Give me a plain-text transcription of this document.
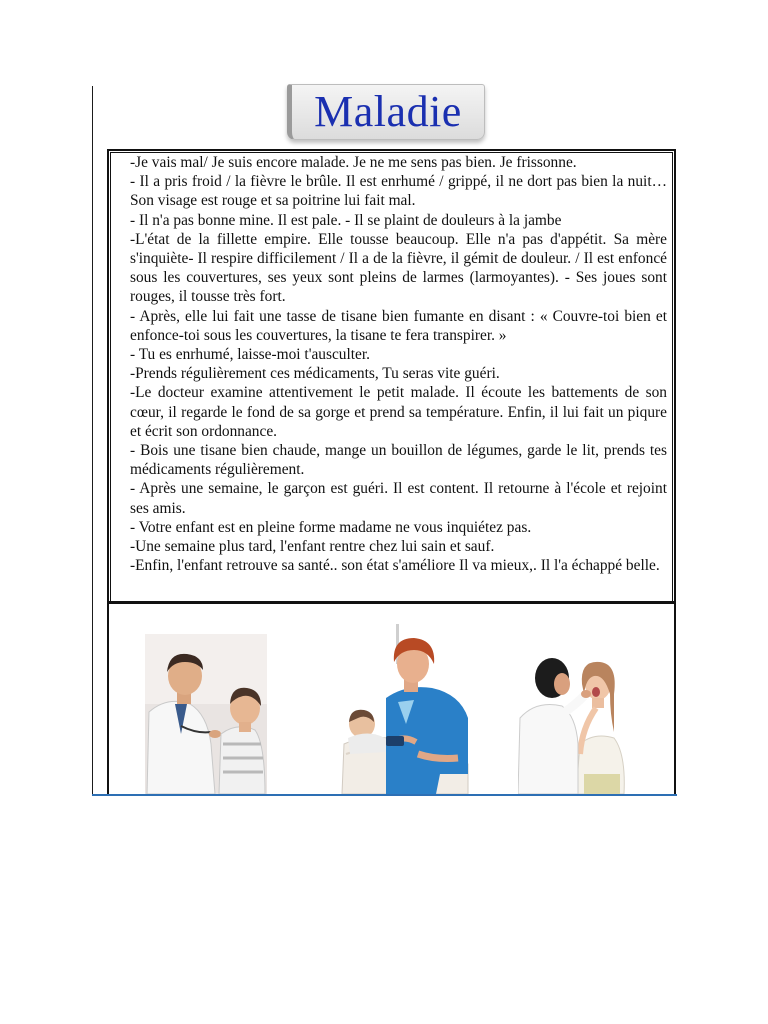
Maladie

-Je vais mal/ Je suis encore malade. Je ne me sens pas bien. Je frissonne.

- Il a pris froid / la fièvre le brûle. Il est enrhumé / grippé, il ne dort pas bien la nuit… Son visage est rouge et sa poitrine lui fait mal.

- Il n'a pas bonne mine. Il est pale. - Il se plaint de douleurs à la jambe

-L'état de la fillette empire. Elle tousse beaucoup. Elle n'a pas d'appétit. Sa mère s'inquiète- Il respire difficilement / Il a de la fièvre, il gémit de douleur. / Il est enfoncé sous les couvertures, ses yeux sont pleins de larmes (larmoyantes). - Ses joues sont rouges, il tousse très fort.

- Après, elle lui fait une tasse de tisane bien fumante en disant : « Couvre-toi bien et enfonce-toi sous les couvertures, la tisane te fera transpirer. »

- Tu es enrhumé, laisse-moi t'ausculter.

-Prends régulièrement ces médicaments, Tu seras vite guéri.

-Le docteur examine attentivement le petit malade. Il écoute les battements de son cœur, il regarde le fond de sa gorge et prend sa température. Enfin, il lui fait un piqure et écrit son ordonnance.

- Bois une tisane bien chaude, mange un bouillon de légumes, garde le lit, prends tes médicaments régulièrement.

- Après une semaine, le garçon est guéri. Il est content. Il retourne à l'école et rejoint ses amis.

- Votre enfant est en pleine forme madame ne vous inquiétez pas.

-Une semaine plus tard, l'enfant rentre chez lui sain et sauf.

-Enfin, l'enfant retrouve sa santé.. son état s'améliore Il va mieux,. Il l'a échappé belle.
